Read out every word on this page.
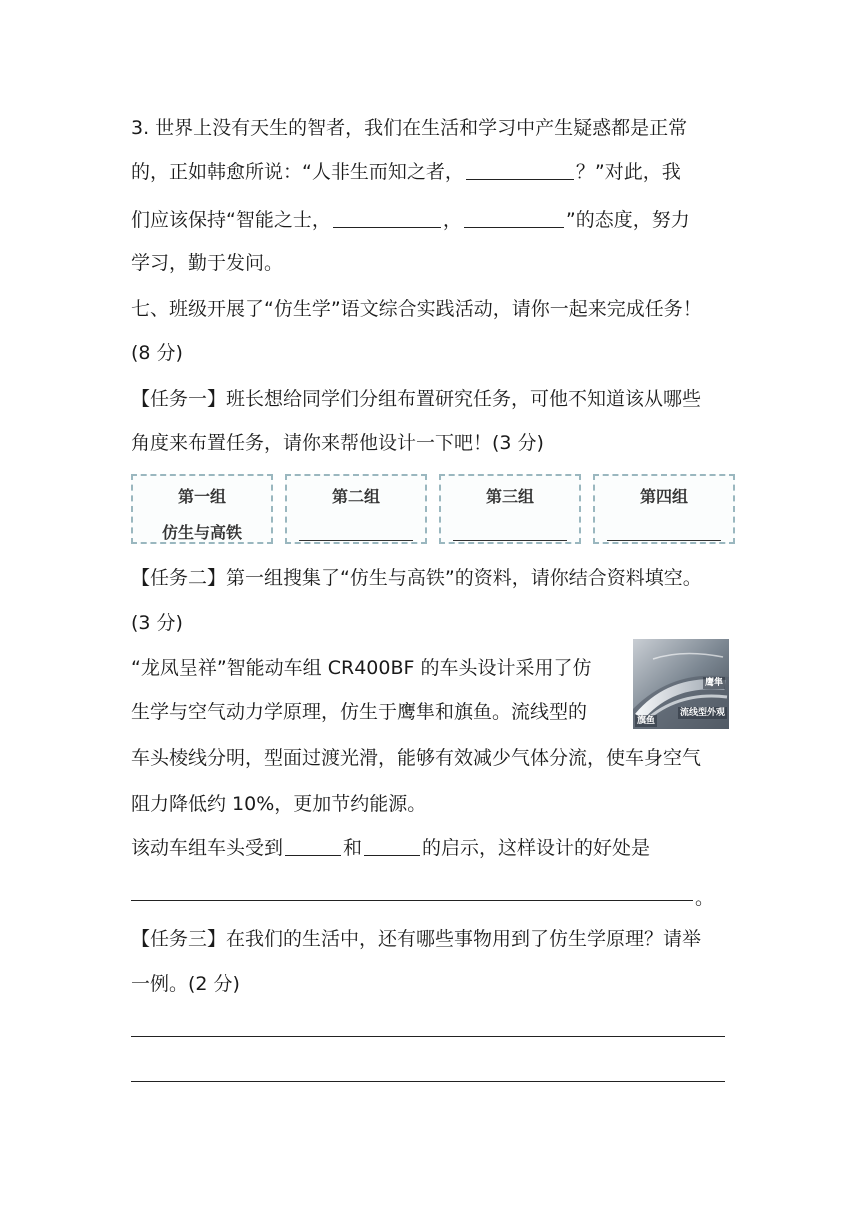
3. 世界上没有天生的智者，我们在生活和学习中产生疑惑都是正常
的，正如韩愈所说：“人非生而知之者，	？”对此，我
们应该保持“智能之士，	，	”的态度，努力
学习，勤于发问。
七、班级开展了“仿生学”语文综合实践活动，请你一起来完成任务！
(8 分)
【任务一】班长想给同学们分组布置研究任务，可他不知道该从哪些
角度来布置任务，请你来帮他设计一下吧！(3 分)
第一组
仿生与高铁
第二组	第三组	第四组
【任务二】第一组搜集了“仿生与高铁”的资料，请你结合资料填空。
(3 分)
“龙凤呈祥”智能动车组 CR400BF 的车头设计采用了仿
生学与空气动力学原理，仿生于鹰隼和旗鱼。流线型的
鹰隼
旗鱼
流线型外观
车头棱线分明，型面过渡光滑，能够有效减少气体分流，使车身空气
阻力降低约 10%，更加节约能源。
该动车组车头受到	和	的启示，这样设计的好处是
。
【任务三】在我们的生活中，还有哪些事物用到了仿生学原理？请举
一例。(2 分)
